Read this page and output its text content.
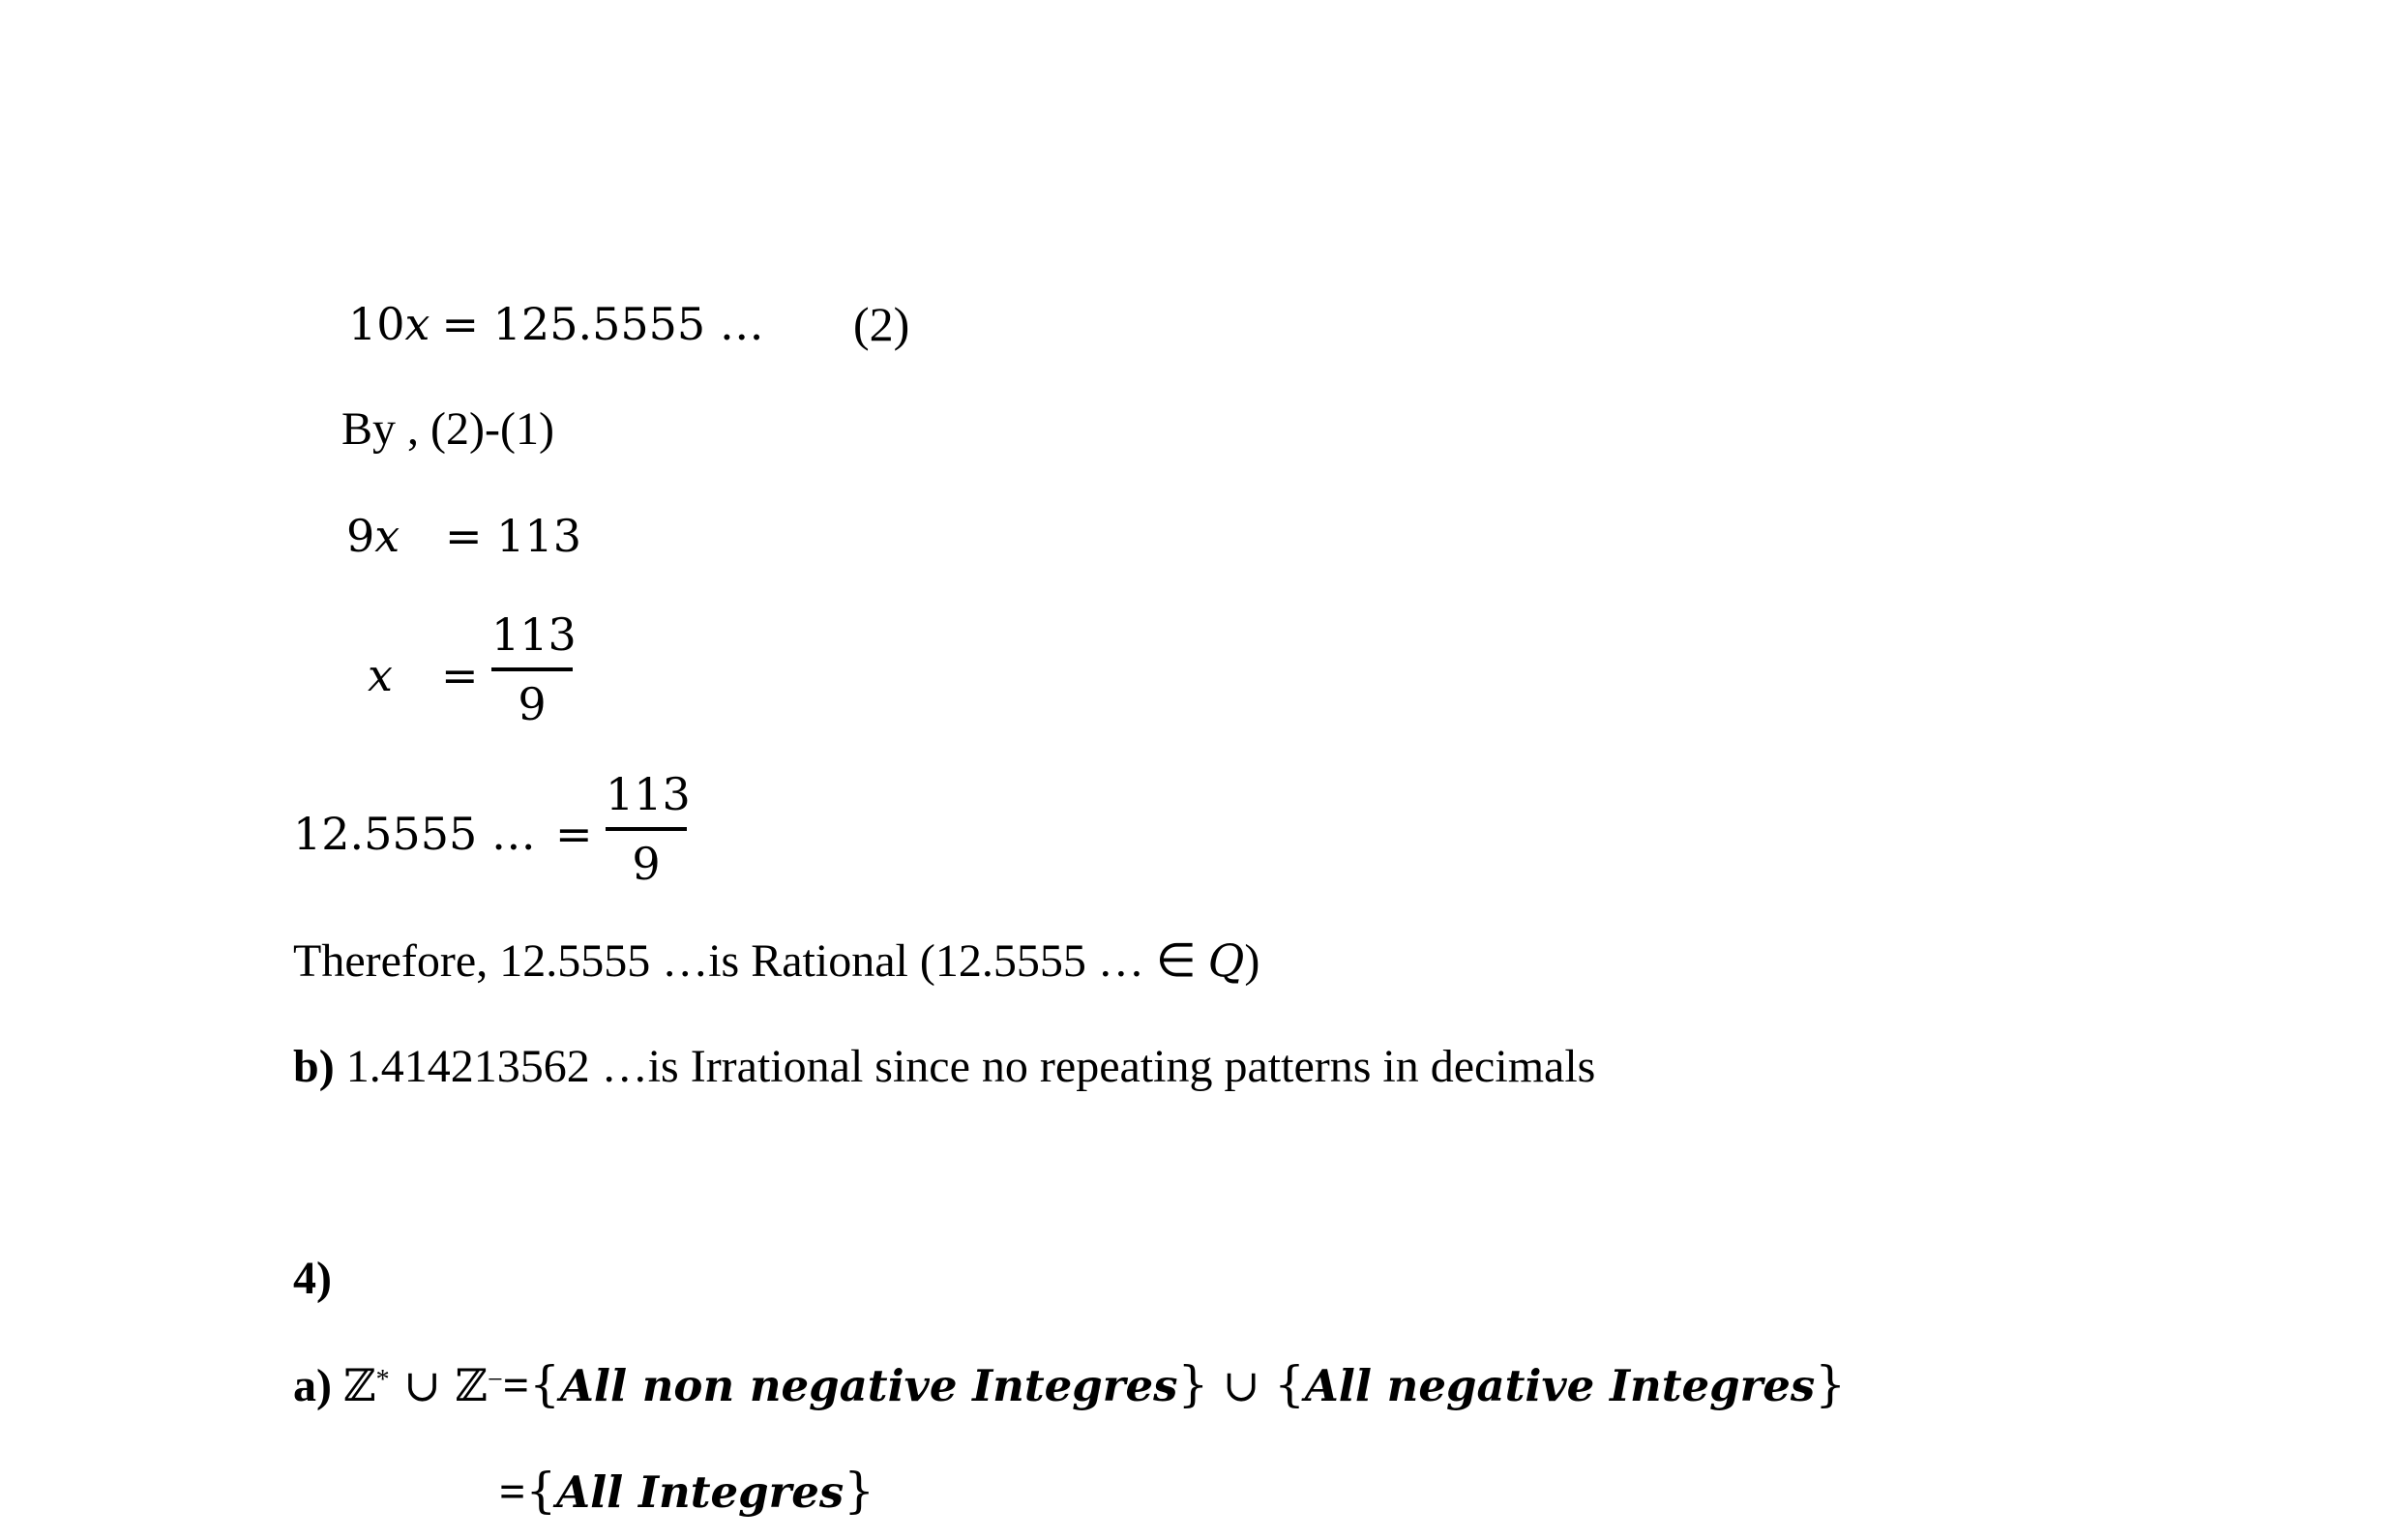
10x = 125.5555 … (2)
By , (2)-(1)
9x = 113
x =
113
9
12.5555 … =
113
9
Therefore, 12.5555 …is Rational (12.5555 … ∈ Q)
b) 1.414213562 …is Irrational since no repeating patterns in decimals
4)
a) ℤ* ∪ ℤ−={All non negative Integres} ∪ {All negative Integres}
={All Integres}
